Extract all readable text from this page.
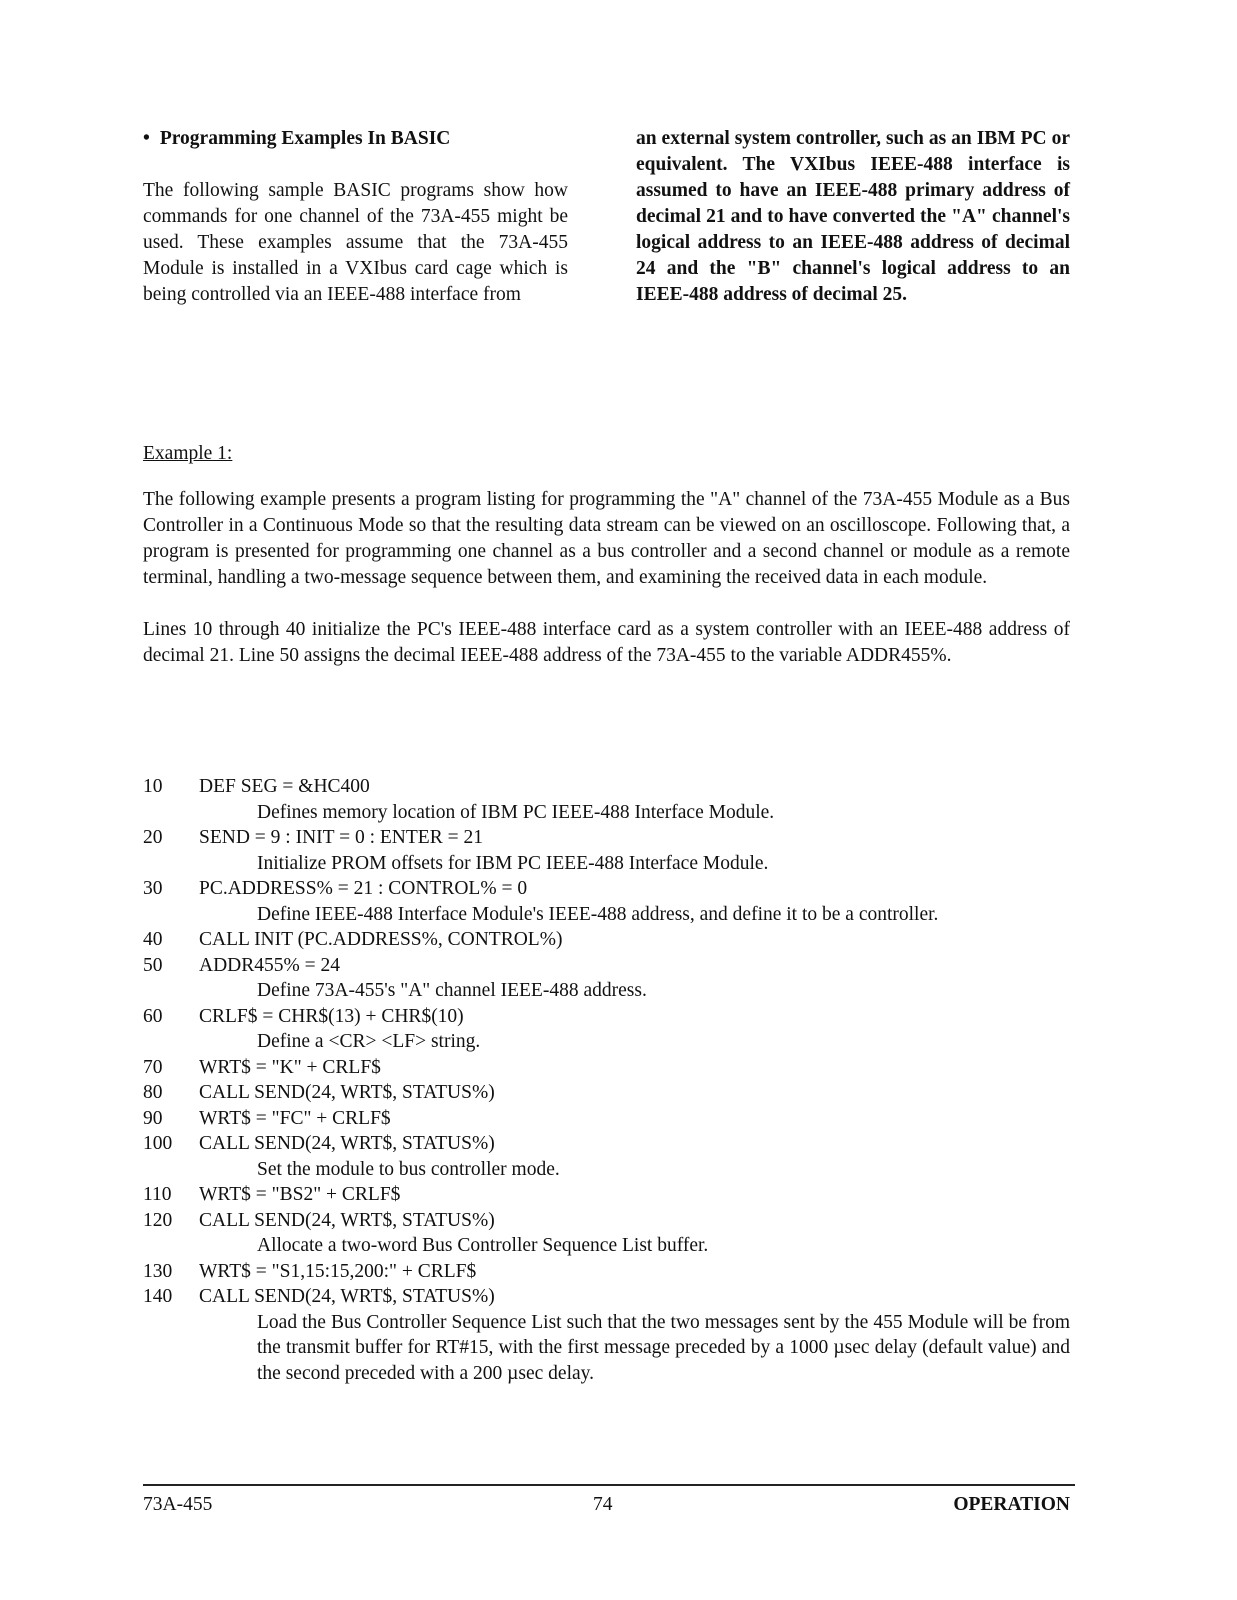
• Programming Examples In BASIC

The following sample BASIC programs show how commands for one channel of the 73A-455 might be used. These examples assume that the 73A-455 Module is installed in a VXIbus card cage which is being controlled via an IEEE-488 interface from

an external system controller, such as an IBM PC or equivalent. The VXIbus IEEE-488 interface is assumed to have an IEEE-488 primary address of decimal 21 and to have converted the "A" channel's logical address to an IEEE-488 address of decimal 24 and the "B" channel's logical address to an IEEE-488 address of decimal 25.

Example 1:

The following example presents a program listing for programming the "A" channel of the 73A-455 Module as a Bus Controller in a Continuous Mode so that the resulting data stream can be viewed on an oscilloscope. Following that, a program is presented for programming one channel as a bus controller and a second channel or module as a remote terminal, handling a two-message sequence between them, and examining the received data in each module.

Lines 10 through 40 initialize the PC's IEEE-488 interface card as a system controller with an IEEE-488 address of decimal 21. Line 50 assigns the decimal IEEE-488 address of the 73A-455 to the variable ADDR455%.

10	DEF SEG = &HC400
Defines memory location of IBM PC IEEE-488 Interface Module.
20	SEND = 9 : INIT = 0 : ENTER = 21
Initialize PROM offsets for IBM PC IEEE-488 Interface Module.
30	PC.ADDRESS% = 21 : CONTROL% = 0
Define IEEE-488 Interface Module's IEEE-488 address, and define it to be a controller.
40	CALL INIT (PC.ADDRESS%, CONTROL%)
50	ADDR455% = 24
Define 73A-455's "A" channel IEEE-488 address.
60	CRLF$ = CHR$(13) + CHR$(10)
Define a <CR> <LF> string.
70	WRT$ = "K" + CRLF$
80	CALL SEND(24, WRT$, STATUS%)
90	WRT$ = "FC" + CRLF$
100	CALL SEND(24, WRT$, STATUS%)
Set the module to bus controller mode.
110	WRT$ = "BS2" + CRLF$
120	CALL SEND(24, WRT$, STATUS%)
Allocate a two-word Bus Controller Sequence List buffer.
130	WRT$ = "S1,15:15,200:" + CRLF$
140	CALL SEND(24, WRT$, STATUS%)
Load the Bus Controller Sequence List such that the two messages sent by the 455 Module will be from the transmit buffer for RT#15, with the first message preceded by a 1000 µsec delay (default value) and the second preceded with a 200 µsec delay.
73A-455	74	OPERATION
